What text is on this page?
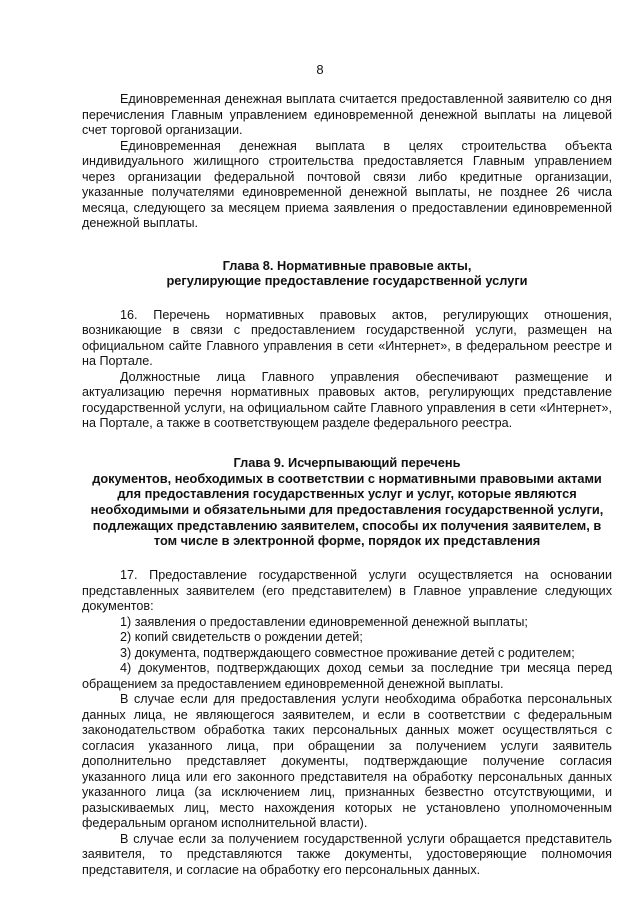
8

Единовременная денежная выплата считается предоставленной заявителю со дня перечисления Главным управлением единовременной денежной выплаты на лицевой счет торговой организации.

Единовременная денежная выплата в целях строительства объекта индивидуального жилищного строительства предоставляется Главным управлением через организации федеральной почтовой связи либо кредитные организации, указанные получателями единовременной денежной выплаты, не позднее 26 числа месяца, следующего за месяцем приема заявления о предоставлении единовременной денежной выплаты.

Глава 8. Нормативные правовые акты,
регулирующие предоставление государственной услуги

16. Перечень нормативных правовых актов, регулирующих отношения, возникающие в связи с предоставлением государственной услуги, размещен на официальном сайте Главного управления в сети «Интернет», в федеральном реестре и на Портале.

Должностные лица Главного управления обеспечивают размещение и актуализацию перечня нормативных правовых актов, регулирующих представление государственной услуги, на официальном сайте Главного управления в сети «Интернет», на Портале, а также в соответствующем разделе федерального реестра.

Глава 9. Исчерпывающий перечень
документов, необходимых в соответствии с нормативными правовыми актами
для предоставления государственных услуг и услуг, которые являются
необходимыми и обязательными для предоставления государственной услуги,
подлежащих представлению заявителем, способы их получения заявителем, в
том числе в электронной форме, порядок их представления

17. Предоставление государственной услуги осуществляется на основании представленных заявителем (его представителем) в Главное управление следующих документов:

1) заявления о предоставлении единовременной денежной выплаты;

2) копий свидетельств о рождении детей;

3) документа, подтверждающего совместное проживание детей с родителем;

4) документов, подтверждающих доход семьи за последние три месяца перед обращением за предоставлением единовременной денежной выплаты.

В случае если для предоставления услуги необходима обработка персональных данных лица, не являющегося заявителем, и если в соответствии с федеральным законодательством обработка таких персональных данных может осуществляться с согласия указанного лица, при обращении за получением услуги заявитель дополнительно представляет документы, подтверждающие получение согласия указанного лица или его законного представителя на обработку персональных данных указанного лица (за исключением лиц, признанных безвестно отсутствующими, и разыскиваемых лиц, место нахождения которых не установлено уполномоченным федеральным органом исполнительной власти).

В случае если за получением государственной услуги обращается представитель заявителя, то представляются также документы, удостоверяющие полномочия представителя, и согласие на обработку его персональных данных.
